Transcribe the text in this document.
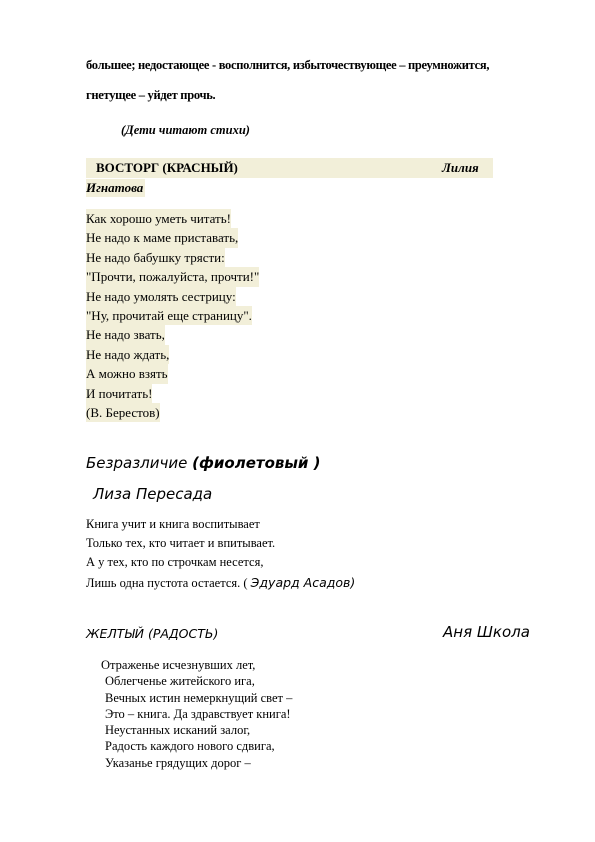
большее; недостающее - восполнится, избыточествующее – преумножится,
гнетущее – уйдет прочь.
(Дети читают стихи)
ВОСТОРГ (КРАСНЫЙ)	Лилия
Игнатова
Как хорошо уметь читать!
Не надо к маме приставать,
Не надо бабушку трясти:
"Прочти, пожалуйста, прочти!"
Не надо умолять сестрицу:
"Ну, прочитай еще страницу".
Не надо звать,
Не надо ждать,
А можно взять
И почитать!
(В. Берестов)
Безразличие (фиолетовый )
Лиза Пересада
Книга учит и книга воспитывает
Только тех, кто читает и впитывает.
А у тех, кто по строчкам несется,
Лишь одна пустота остается. ( Эдуард Асадов)
ЖЕЛТЫЙ (РАДОСТЬ)	Аня Школа
Отраженье исчезнувших лет,
Облегченье житейского ига,
Вечных истин немеркнущий свет –
Это – книга. Да здравствует книга!
Неустанных исканий залог,
Радость каждого нового сдвига,
Указанье грядущих дорог –
